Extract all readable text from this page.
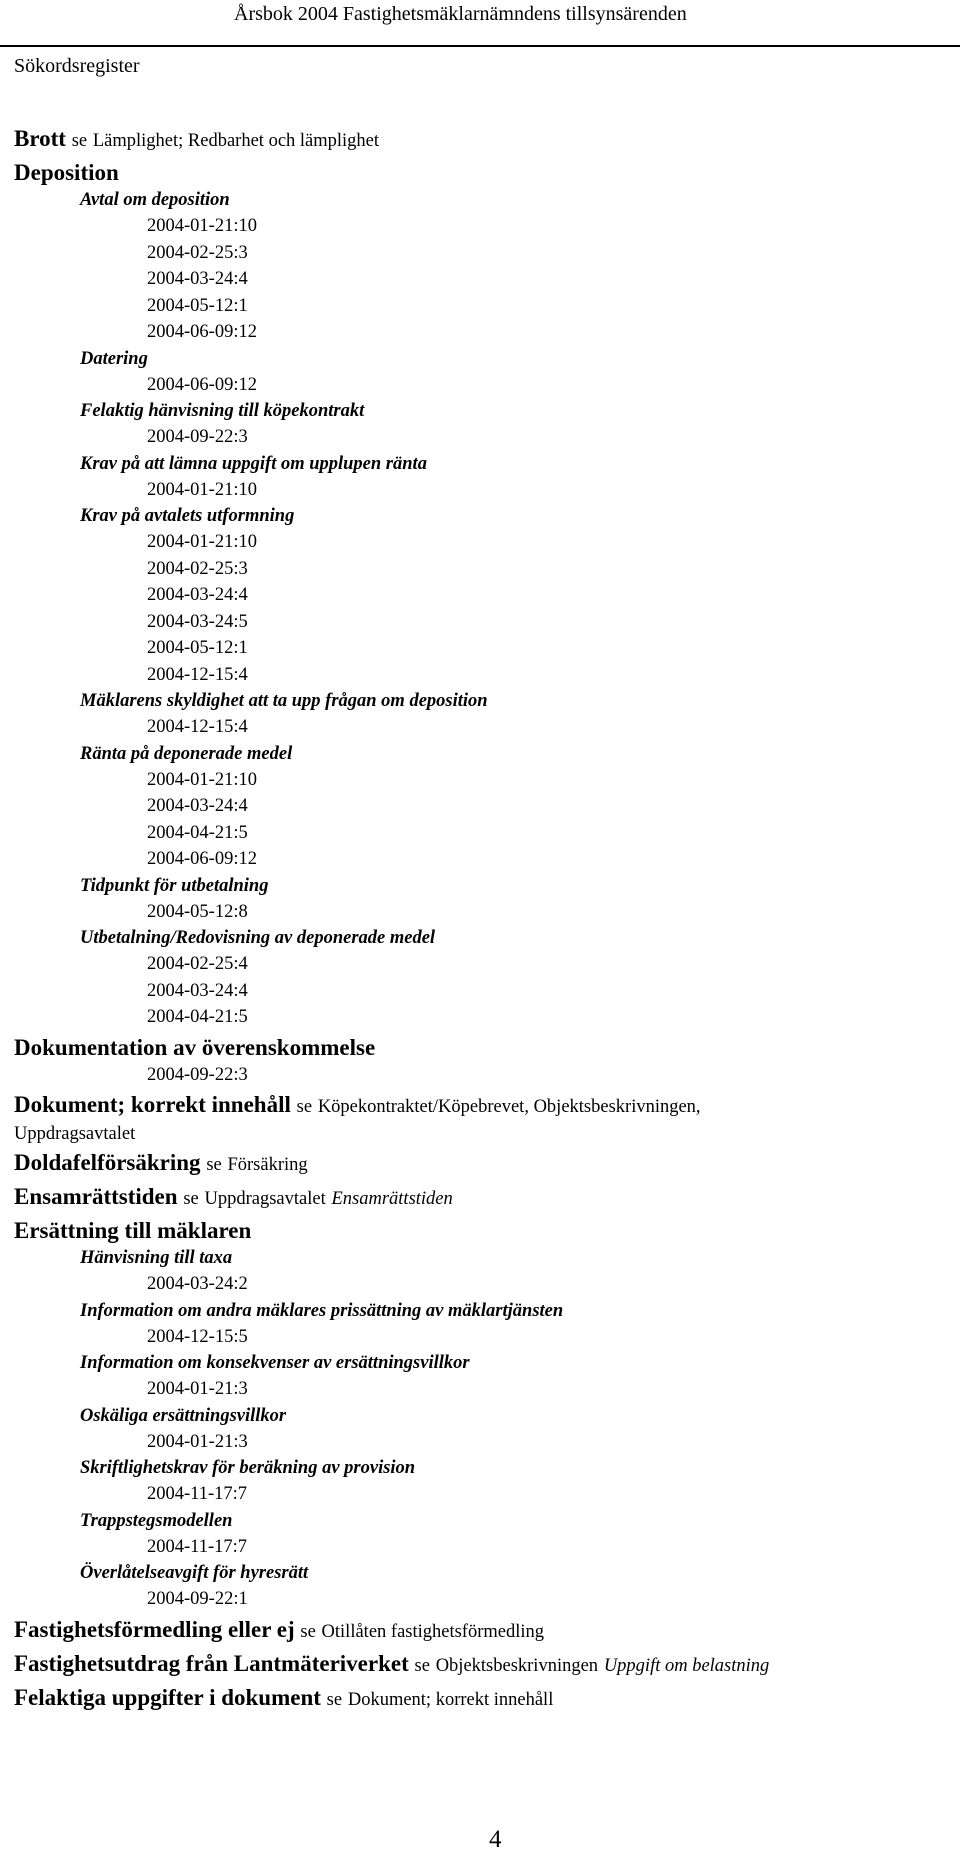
Årsbok 2004 Fastighetsmäklarnämndens tillsynsärenden
Sökordsregister
Brott se Lämplighet; Redbarhet och lämplighet
Deposition
Avtal om deposition
2004-01-21:10
2004-02-25:3
2004-03-24:4
2004-05-12:1
2004-06-09:12
Datering
2004-06-09:12
Felaktig hänvisning till köpekontrakt
2004-09-22:3
Krav på att lämna uppgift om upplupen ränta
2004-01-21:10
Krav på avtalets utformning
2004-01-21:10
2004-02-25:3
2004-03-24:4
2004-03-24:5
2004-05-12:1
2004-12-15:4
Mäklarens skyldighet att ta upp frågan om deposition
2004-12-15:4
Ränta på deponerade medel
2004-01-21:10
2004-03-24:4
2004-04-21:5
2004-06-09:12
Tidpunkt för utbetalning
2004-05-12:8
Utbetalning/Redovisning av deponerade medel
2004-02-25:4
2004-03-24:4
2004-04-21:5
Dokumentation av överenskommelse
2004-09-22:3
Dokument; korrekt innehåll se Köpekontraktet/Köpebrevet, Objektsbeskrivningen,
Uppdragsavtalet
Doldafelförsäkring se Försäkring
Ensamrättstiden se Uppdragsavtalet Ensamrättstiden
Ersättning till mäklaren
Hänvisning till taxa
2004-03-24:2
Information om andra mäklares prissättning av mäklartjänsten
2004-12-15:5
Information om konsekvenser av ersättningsvillkor
2004-01-21:3
Oskäliga ersättningsvillkor
2004-01-21:3
Skriftlighetskrav för beräkning av provision
2004-11-17:7
Trappstegsmodellen
2004-11-17:7
Överlåtelseavgift för hyresrätt
2004-09-22:1
Fastighetsförmedling eller ej se Otillåten fastighetsförmedling
Fastighetsutdrag från Lantmäteriverket se Objektsbeskrivningen Uppgift om belastning
Felaktiga uppgifter i dokument se Dokument; korrekt innehåll
4
